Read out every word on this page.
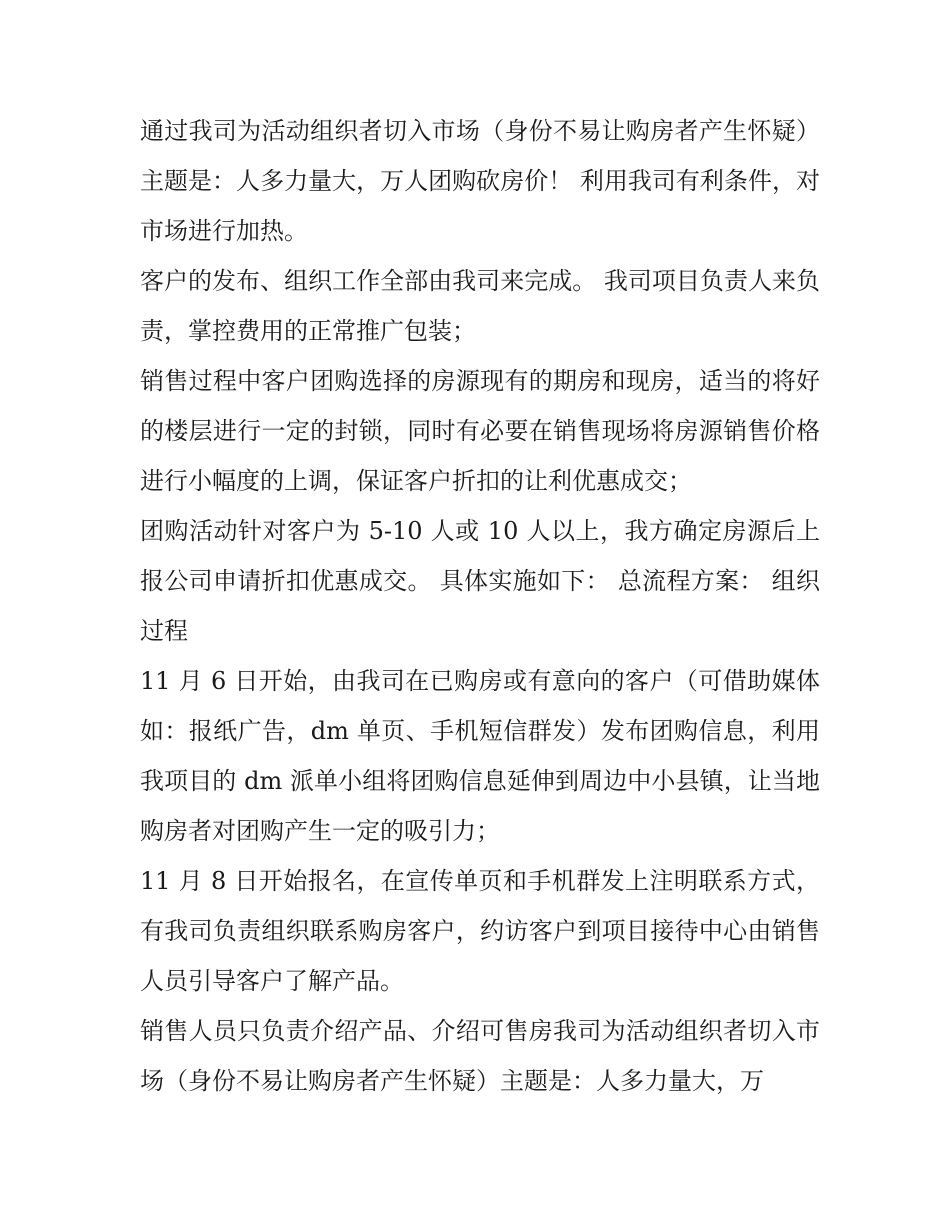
通过我司为活动组织者切入市场（身份不易让购房者产生怀疑）主题是：人多力量大，万人团购砍房价！ 利用我司有利条件，对市场进行加热。

客户的发布、组织工作全部由我司来完成。 我司项目负责人来负责，掌控费用的正常推广包装；

销售过程中客户团购选择的房源现有的期房和现房，适当的将好的楼层进行一定的封锁，同时有必要在销售现场将房源销售价格进行小幅度的上调，保证客户折扣的让利优惠成交；

团购活动针对客户为 5-10 人或 10 人以上，我方确定房源后上报公司申请折扣优惠成交。 具体实施如下： 总流程方案： 组织过程

11 月 6 日开始，由我司在已购房或有意向的客户（可借助媒体如：报纸广告，dm 单页、手机短信群发）发布团购信息，利用我项目的 dm 派单小组将团购信息延伸到周边中小县镇，让当地购房者对团购产生一定的吸引力；

11 月 8 日开始报名，在宣传单页和手机群发上注明联系方式，有我司负责组织联系购房客户，约访客户到项目接待中心由销售人员引导客户了解产品。

销售人员只负责介绍产品、介绍可售房我司为活动组织者切入市场（身份不易让购房者产生怀疑）主题是：人多力量大，万
